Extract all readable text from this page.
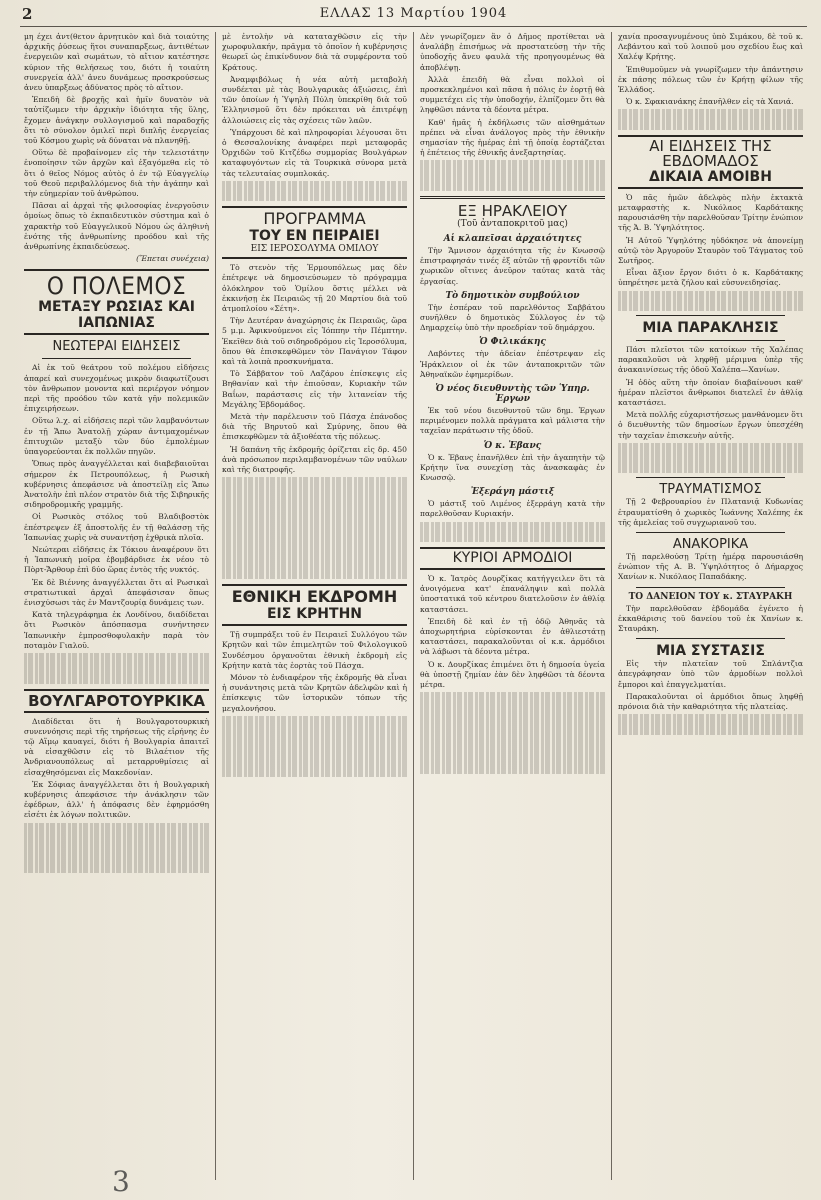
2	ΕΛΛΑΣ 13 Μαρτίου 1904

μη έχει ἀντ(θετον ἀρνητικὸν καὶ διὰ τοιαύτης ἀρχικῆς ῥύσεως ἥτοι συναπαρξεως, ἀντιθέτων ἐνεργειῶν καὶ σωμάτων, τὸ αἴτιον κατέστησε κύριον τῆς θελήσεως του, διότι ἡ τοιαύτη συνεργεία ἀλλ' ἀνευ δυνάμεως προσκρούσεως ἀνευ ὑπαρξεως ἀδύνατος πρὸς τὸ αἴτιον.

Ἐπειδὴ δὲ βροχῆς καὶ ἡμῖν δυνατὸν νὰ ταὐτίζωμεν τὴν ἀρχικὴν ἰδιότητα τῆς ὕλης, ἔχομεν ἀνάγκην συλλογισμοῦ καὶ παραδοχῆς ὅτι τὸ σύνολον ὁμιλεῖ περὶ διπλῆς ἐνεργείας τοῦ Κόσμου χωρὶς νὰ δύναται νὰ πλανηθῇ.

Οὕτω δὲ προβαίνομεν εἰς τὴν τελειοτάτην ἐνοποίησιν τῶν ἀρχῶν καὶ ἐξαγόμεθα εἰς τὸ ὅτι ὁ θεῖος Νόμος αὐτὸς ὁ ἐν τῷ Εὐαγγελίῳ τοῦ Θεοῦ περιβαλλόμενος διὰ τὴν ἀγάπην καὶ τὴν εὐημερίαν τοῦ ἀνθρώπου.

Πᾶσαι αἱ ἀρχαὶ τῆς φιλοσοφίας ἐνεργοῦσιν ὁμοίως ὅπως τὸ ἐκπαιδευτικὸν σύστημα καὶ ὁ χαρακτὴρ τοῦ Εὐαγγελικοῦ Νόμου ὡς ἀληθινὴ ἑνότης τῆς ἀνθρωπίνης προόδου καὶ τῆς ἀνθρωπίνης ἐκπαιδεύσεως.

(Ἕπεται συνέχεια)

Ο ΠΟΛΕΜΟΣ
ΜΕΤΑΞΥ ΡΩΣΙΑΣ ΚΑΙ ΙΑΠΩΝΙΑΣ
ΝΕΩΤΕΡΑΙ ΕΙΔΗΣΕΙΣ

Αἱ ἐκ τοῦ θεάτρου τοῦ πολέμου εἰδήσεις ἀπαρεί καὶ συνεχομένως μικρὸν διαφωτίζουσι τὸν ἄνθρωπον μονοντα καὶ περιέργον νόημον περὶ τῆς προόδου τῶν κατὰ γῆν πολεμικῶν ἐπιχειρήσεων.

Οὕτω λ.χ. αἱ εἰδήσεις περὶ τῶν λαμβανόντων ἐν τῇ Ἄπω Ἀνατολῇ χώραν ἀντιμαχομένων ἐπιτυχιῶν μεταξὺ τῶν δύο ἐμπολέμων ὑπαγορεύονται ἐκ πολλῶν πηγῶν.

Ὅπως πρὸς ἀναγγέλλεται καὶ διαβεβαιοῦται σήμερον ἐκ Πετρουπόλεως, ἡ Ρωσικὴ κυβέρνησις ἀπεφάσισε νὰ ἀποστείλῃ εἰς Ἄπω Ἀνατολὴν ἐπὶ πλέον στρατὸν διὰ τῆς Σιβηρικῆς σιδηροδρομικῆς γραμμῆς.

Οἱ Ρωσικὸς στόλος τοῦ Βλαδιβοστὸκ ἐπέστρεψεν ἐξ ἀποστολῆς ἐν τῇ θαλάσσῃ τῆς Ἰαπωνίας χωρὶς νὰ συναντήσῃ ἐχθρικὰ πλοῖα.

Νεώτεραι εἰδήσεις ἐκ Τόκιου ἀναφέρουν ὅτι ἡ Ἰαπωνικὴ μοῖρα ἐβομβάρδισε ἐκ νέου τὸ Πὸρτ-Ἄρθουρ ἐπὶ δύο ὥρας ἐντὸς τῆς νυκτός.

Ἐκ δὲ Βιέννης ἀναγγέλλεται ὅτι αἱ Ρωσικαὶ στρατιωτικαὶ ἀρχαὶ ἀπεφάσισαν ὅπως ἐνισχύσωσι τὰς ἐν Μαντζουρίᾳ δυνάμεις των.

Κατὰ τηλεγράφημα ἐκ Λονδίνου, διαδίδεται ὅτι Ρωσικὸν ἀπόσπασμα συνήντησεν Ἰαπωνικὴν ἐμπροσθοφυλακὴν παρὰ τὸν ποταμὸν Γιαλοῦ.

ΒΟΥΛΓΑΡΟΤΟΥΡΚΙΚΑ

Διαδίδεται ὅτι ἡ Βουλγαροτουρκικὴ συνεννόησις περὶ τῆς τηρήσεως τῆς εἰρήνης ἐν τῷ Αἵμῳ καυαγεί, διότι ἡ Βουλγαρία ἀπαιτεῖ νὰ εἰσαχθῶσιν εἰς τὸ Βιλαέτιον τῆς Ἀνδριανουπόλεως αἱ μεταρρυθμίσεις αἱ εἰσαχθησόμεναι εἰς Μακεδονίαν.

Ἐκ Σόφιας ἀναγγέλλεται ὅτι ἡ Βουλγαρικὴ κυβέρνησις ἀπεφάσισε τὴν ἀνάκλησιν τῶν ἐφέδρων, ἀλλ' ἡ ἀπόφασις δὲν ἐφηρμόσθη εἰσέτι ἐκ λόγων πολιτικῶν.

μὲ ἐντολὴν νὰ καταταχθῶσιν εἰς τὴν χωροφυλακήν, πρᾶγμα τὸ ὁποῖον ἡ κυβέρνησις θεωρεῖ ὡς ἐπικίνδυνον διὰ τὰ συμφέροντα τοῦ Κράτους.

Ἀναμφιβόλως ἡ νέα αὐτὴ μεταβολὴ συνδέεται μὲ τὰς Βουλγαρικὰς ἀξιώσεις, ἐπὶ τῶν ὁποίων ἡ Ὑψηλὴ Πύλη ὑπεκρίθη διὰ τοῦ Ἐλληνισμοῦ ὅτι δὲν πρόκειται νὰ ἐπιτρέψῃ ἀλλοιώσεις εἰς τὰς σχέσεις τῶν λαῶν.

Ὑπάρχουσι δὲ καὶ πληροφορίαι λέγουσαι ὅτι ὁ Θεσσαλονίκης ἀναφέρει περὶ μεταφορᾶς Ὀρχιδῶν τοῦ Κιτζέδω συμμορίας Βουλγάρων καταφυγόντων εἰς τὰ Τουρκικὰ σύνορα μετὰ τὰς τελευταίας συμπλοκάς.

ΠΡΟΓΡΑΜΜΑ
ΤΟΥ ΕΝ ΠΕΙΡΑΙΕΙ
ΕΙΣ ΙΕΡΟΣΟΛΥΜΑ ΟΜΙΛΟΥ

Τὸ στενὸν τῆς Ἑρμουπόλεως μας δὲν ἐπέτρεψε νὰ δημοσιεύσωμεν τὸ πρόγραμμα ὁλόκληρον τοῦ Ὁμίλου ὅστις μέλλει νὰ ἐκκινήσῃ ἐκ Πειραιῶς τῇ 20 Μαρτίου διὰ τοῦ ἀτμοπλοίου «Σέτη».

Τὴν Δευτέραν ἀναχώρησις ἐκ Πειραιῶς, ὥρα 5 μ.μ. Ἀφικνούμενοι εἰς Ἰόππην τὴν Πέμπτην. Ἐκεῖθεν διὰ τοῦ σιδηροδρόμου εἰς Ἱεροσόλυμα, ὅπου θὰ ἐπισκεφθῶμεν τὸν Πανάγιον Τάφον καὶ τὰ λοιπὰ προσκυνήματα.

Τὸ Σάββατον τοῦ Λαζάρου ἐπίσκεψις εἰς Βηθανίαν καὶ τὴν ἐπιοῦσαν, Κυριακὴν τῶν Βαΐων, παράστασις εἰς τὴν λιτανείαν τῆς Μεγάλης Ἑβδομάδος.

Μετὰ τὴν παρέλευσιν τοῦ Πάσχα ἐπάνοδος διὰ τῆς Βηρυτοῦ καὶ Σμύρνης, ὅπου θὰ ἐπισκεφθῶμεν τὰ ἀξιοθέατα τῆς πόλεως.

Ἡ δαπάνη τῆς ἐκδρομῆς ὁρίζεται εἰς δρ. 450 ἀνὰ πρόσωπον περιλαμβανομένων τῶν ναύλων καὶ τῆς διατροφῆς.

ΕΘΝΙΚΗ ΕΚΔΡΟΜΗ
ΕΙΣ ΚΡΗΤΗΝ

Τῇ συμπράξει τοῦ ἐν Πειραιεῖ Συλλόγου τῶν Κρητῶν καὶ τῶν ἐπιμελητῶν τοῦ Φιλολογικοῦ Συνδέσμου ὀργανοῦται ἐθνικὴ ἐκδρομὴ εἰς Κρήτην κατὰ τὰς ἑορτὰς τοῦ Πάσχα.

Μόνον τὸ ἐνδιαφέρον τῆς ἐκδρομῆς θὰ εἶναι ἡ συνάντησις μετὰ τῶν Κρητῶν ἀδελφῶν καὶ ἡ ἐπίσκεψις τῶν ἱστορικῶν τόπων τῆς μεγαλονήσου.

Δὲν γνωρίζομεν ἂν ὁ Δῆμος προτίθεται νὰ ἀναλάβῃ ἐπισήμως νὰ προστατεύσῃ τὴν τῆς ὑποδοχῆς ἄνευ φαυλὰ τῆς προηγουμένως θὰ ἀποβλέψῃ.

Ἀλλὰ ἐπειδὴ θὰ εἶναι πολλοὶ οἱ προσκεκλημένοι καὶ πᾶσα ἡ πόλις ἐν ἑορτῇ θὰ συμμετέχει εἰς τὴν ὑποδοχήν, ἐλπίζομεν ὅτι θὰ ληφθῶσι πάντα τὰ δέοντα μέτρα.

Καθ' ἡμᾶς ἡ ἐκδήλωσις τῶν αἰσθημάτων πρέπει νὰ εἶναι ἀνάλογος πρὸς τὴν ἐθνικὴν σημασίαν τῆς ἡμέρας ἐπὶ τῇ ὁποίᾳ ἑορτάζεται ἡ ἐπέτειος τῆς ἐθνικῆς ἀνεξαρτησίας.

ΕΞ ΗΡΑΚΛΕΙΟΥ
(Τοῦ ἀνταποκριτοῦ μας)
Αἱ κλαπεῖσαι ἀρχαιότητες

Τὴν Ἄμνισον ἀρχαιότητα τῆς ἐν Κνωσσῷ ἐπιστραφησάν τινές ἐξ αὐτῶν τῇ φροντίδι τῶν χωρικῶν οἵτινες ἀνεῦρον ταύτας κατὰ τὰς ἐργασίας.

Τὸ δημοτικὸν συμβούλιον

Τὴν ἐσπέραν τοῦ παρελθόντος Σαββάτου συνῆλθεν ὁ δημοτικὸς Σύλλογος ἐν τῷ Δημαρχείῳ ὑπὸ τὴν προεδρίαν τοῦ δημάρχου.

Ὁ Φιλικάκης

Λαβόντες τὴν ἀδείαν ἐπέστρεψαν εἰς Ἡράκλειον οἱ ἐκ τῶν ἀνταποκριτῶν τῶν Ἀθηναϊκῶν ἐφημερίδων.

Ὁ νέος διευθυντὴς τῶν Ὑπηρ. Ἐργων

Ἐκ τοῦ νέου διευθυντοῦ τῶν δημ. Ἐργων περιμένομεν πολλὰ πράγματα καὶ μάλιστα τὴν ταχεῖαν περάτωσιν τῆς ὁδοῦ.

Ὁ κ. Ἐβανς

Ὁ κ. Ἐβανς ἐπανῆλθεν ἐπὶ τὴν ἀγαπητὴν τῷ Κρήτην ἵνα συνεχίσῃ τὰς ἀνασκαφὰς ἐν Κνωσσῷ.

Ἐξεράγη μάστιξ

Ὁ μάστιξ τοῦ Λιμένος ἐξερράγη κατὰ τὴν παρελθοῦσαν Κυριακήν.

ΚΥΡΙΟΙ ΑΡΜΟΔΙΟΙ

Ὁ κ. Ἰατρὸς Δουρζίκας κατήγγειλεν ὅτι τὰ ἀνοιγόμενα κατ' ἐπανάληψιν καὶ πολλὰ ὑποστατικά τοῦ κέντρου διατελοῦσιν ἐν ἀθλίᾳ καταστάσει.

Ἐπειδὴ δὲ καὶ ἐν τῇ ὁδῷ Ἀθηνᾶς τὰ ἀποχωρητήρια εὑρίσκονται ἐν ἀθλιεστάτῃ καταστάσει, παρακαλοῦνται οἱ κ.κ. ἁρμόδιοι νὰ λάβωσι τὰ δέοντα μέτρα.

Ὁ κ. Δουρζίκας ἐπιμένει ὅτι ἡ δημοσία ὑγεία θὰ ὑποστῇ ζημίαν ἐὰν δὲν ληφθῶσι τὰ δέοντα μέτρα.

χανία προσαγνυμένους ὑπὸ Σιμάκου, δὲ τοῦ κ. Λεβάντου καὶ τοῦ λοιποῦ μου σχεδίου ἔως καὶ Χαλέψ Κρήτης.

Ἐπιθυμοῦμεν νὰ γνωρίζωμεν τὴν ἀπάντησιν ἐκ πάσης πόλεως τῶν ἐν Κρήτῃ φίλων τῆς Ἑλλάδος.

Ὁ κ. Σφακιανάκης ἐπανῆλθεν εἰς τὰ Χανιά.

ΑΙ ΕΙΔΗΣΕΙΣ ΤΗΣ ΕΒΔΟΜΑΔΟΣ
ΔΙΚΑΙΑ ΑΜΟΙΒΗ

Ὁ πᾶς ἡμῶν ἀδελφὸς πλὴν ἐκτακτὰ μεταφραστὴς κ. Νικόλαος Καρδάτακης παρουσιάσθη τὴν παρελθοῦσαν Τρίτην ἐνώπιον τῆς Ἀ. Β. Ὑψηλότητος.

Ἡ Αὐτοῦ Ὑψηλότης ηὐδόκησε νὰ ἀπονείμῃ αὐτῷ τὸν Ἀργυροῦν Σταυρὸν τοῦ Τάγματος τοῦ Σωτῆρος.

Εἶναι ἄξιον ἔργον διότι ὁ κ. Καρδάτακης ὑπηρέτησε μετὰ ζήλου καὶ εὐσυνειδησίας.

ΜΙΑ ΠΑΡΑΚΛΗΣΙΣ

Πάσι πλεῖστοι τῶν κατοίκων τῆς Χαλέπας παρακαλοῦσι νὰ ληφθῇ μέριμνα ὑπὲρ τῆς ἀνακαινίσεως τῆς ὁδοῦ Χαλέπα—Χανίων.

Ἡ ὁδὸς αὕτη τὴν ὁποίαν διαβαίνουσι καθ' ἡμέραν πλεῖστοι ἄνθρωποι διατελεῖ ἐν ἀθλίᾳ καταστάσει.

Μετὰ πολλῆς εὐχαριστήσεως μανθάνομεν ὅτι ὁ διευθυντὴς τῶν δημοσίων ἔργων ὑπεσχέθη τὴν ταχεῖαν ἐπισκευὴν αὐτῆς.

ΤΡΑΥΜΑΤΙΣΜΟΣ

Τῇ 2 Φεβρουαρίου ἐν Πλατανιᾷ Κυδωνίας ἐτραυματίσθη ὁ χωρικὸς Ἰωάννης Χαλέπης ἐκ τῆς ἀμελείας τοῦ συγχωριανοῦ του.

ΑΝΑΚΟΡΙΚΑ

Τῇ παρελθούσῃ Τρίτῃ ἡμέρᾳ παρουσιάσθη ἐνώπιον τῆς Α. Β. Ὑψηλότητος ὁ Δήμαρχος Χανίων κ. Νικόλαος Παπαδάκης.

ΤΟ ΔΑΝΕΙΟΝ ΤΟΥ κ. ΣΤΑΥΡΑΚΗ

Τὴν παρελθοῦσαν ἑβδομάδα ἐγένετο ἡ ἐκκαθάρισις τοῦ δανείου τοῦ ἐκ Χανίων κ. Σταυράκη.

ΜΙΑ ΣΥΣΤΑΣΙΣ

Εἰς τὴν πλατεῖαν τοῦ Σπλάντζια ἀπεγράφησαν ὑπὸ τῶν ἁρμοδίων πολλοὶ ἔμποροι καὶ ἐπαγγελματίαι.

Παρακαλοῦνται οἱ ἁρμόδιοι ὅπως ληφθῇ πρόνοια διὰ τὴν καθαριότητα τῆς πλατείας.

3
